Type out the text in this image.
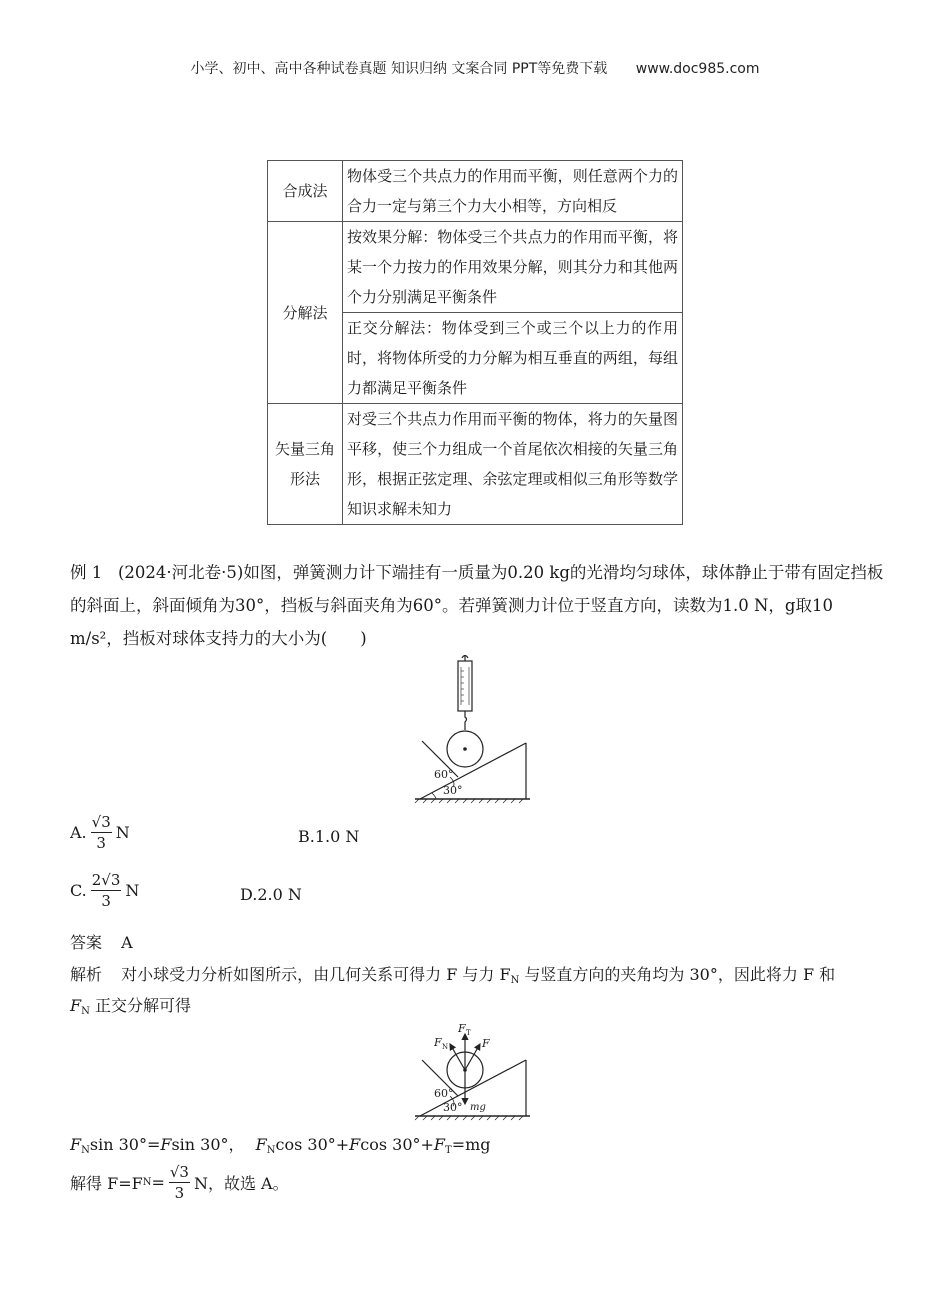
小学、初中、高中各种试卷真题 知识归纳 文案合同 PPT等免费下载 www.doc985.com
合成法	物体受三个共点力的作用而平衡，则任意两个力的合力一定与第三个力大小相等，方向相反
分解法	按效果分解：物体受三个共点力的作用而平衡，将某一个力按力的作用效果分解，则其分力和其他两个力分别满足平衡条件
	正交分解法：物体受到三个或三个以上力的作用时，将物体所受的力分解为相互垂直的两组，每组力都满足平衡条件
矢量三角形法	对受三个共点力作用而平衡的物体，将力的矢量图平移，使三个力组成一个首尾依次相接的矢量三角形，根据正弦定理、余弦定理或相似三角形等数学知识求解未知力
例 1 (2024·河北卷·5)如图，弹簧测力计下端挂有一质量为0.20 kg的光滑均匀球体，球体静止于带有固定挡板的斜面上，斜面倾角为30°，挡板与斜面夹角为60°。若弹簧测力计位于竖直方向，读数为1.0 N，g取10 m/s²，挡板对球体支持力的大小为(　　)
60°
30°
A. $\frac{√3}{3}$ N	B.1.0 N
C. $\frac{2√3}{3}$ N	D.2.0 N
答案 A
解析 对小球受力分析如图所示，由几何关系可得力 F 与力 $F_N$ 与竖直方向的夹角均为 30°，因此将力 F 和
$F_N$ 正交分解可得
F T
F N	F
mg
60°
30°
$F_N\sin$ 30°=Fsin 30°， $F_N\cos$ 30°+Fcos $30^\circ+F_T=mg$
解得 F=F $N = \frac{√3}{3}$ N，故选 A。
